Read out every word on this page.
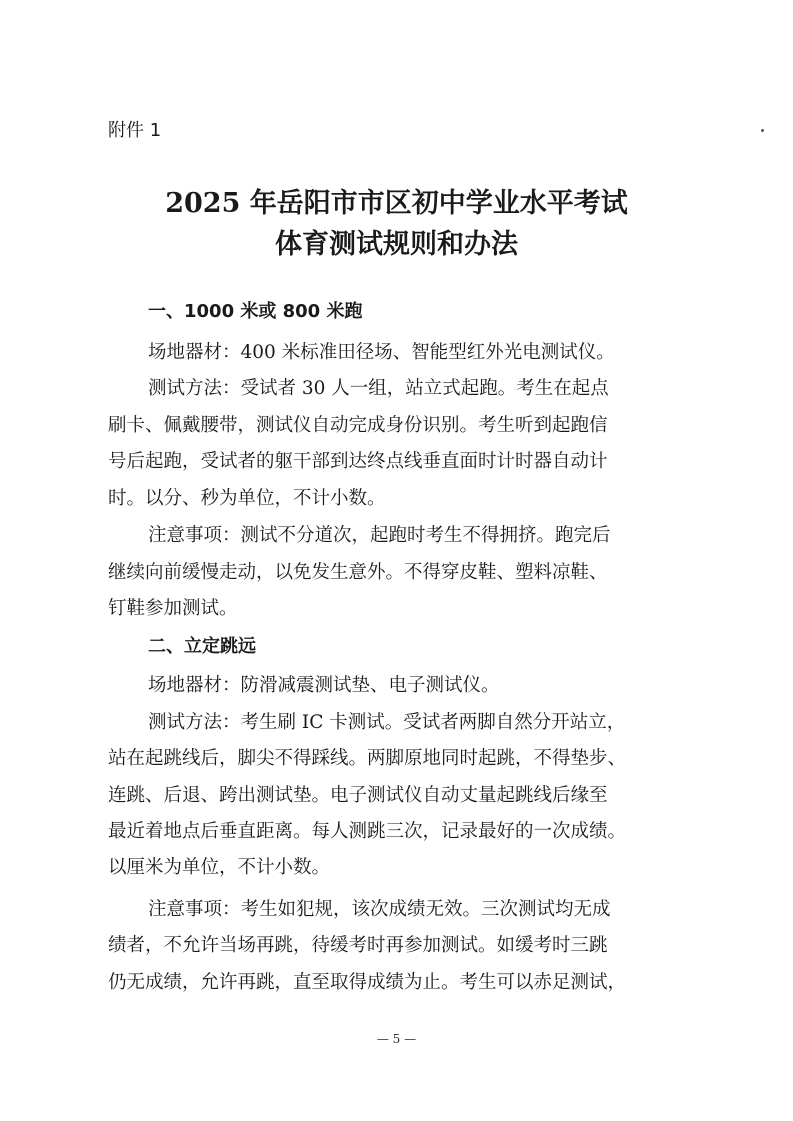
附件 1
2025 年岳阳市市区初中学业水平考试
体育测试规则和办法
一、1000 米或 800 米跑
场地器材：400 米标准田径场、智能型红外光电测试仪。
测试方法：受试者 30 人一组，站立式起跑。考生在起点
刷卡、佩戴腰带，测试仪自动完成身份识别。考生听到起跑信
号后起跑，受试者的躯干部到达终点线垂直面时计时器自动计
时。以分、秒为单位，不计小数。
注意事项：测试不分道次，起跑时考生不得拥挤。跑完后
继续向前缓慢走动，以免发生意外。不得穿皮鞋、塑料凉鞋、
钉鞋参加测试。
二、立定跳远
场地器材：防滑减震测试垫、电子测试仪。
测试方法：考生刷 IC 卡测试。受试者两脚自然分开站立，
站在起跳线后，脚尖不得踩线。两脚原地同时起跳，不得垫步、
连跳、后退、跨出测试垫。电子测试仪自动丈量起跳线后缘至
最近着地点后垂直距离。每人测跳三次，记录最好的一次成绩。
以厘米为单位，不计小数。
注意事项：考生如犯规，该次成绩无效。三次测试均无成
绩者，不允许当场再跳，待缓考时再参加测试。如缓考时三跳
仍无成绩，允许再跳，直至取得成绩为止。考生可以赤足测试，
— 5 —
